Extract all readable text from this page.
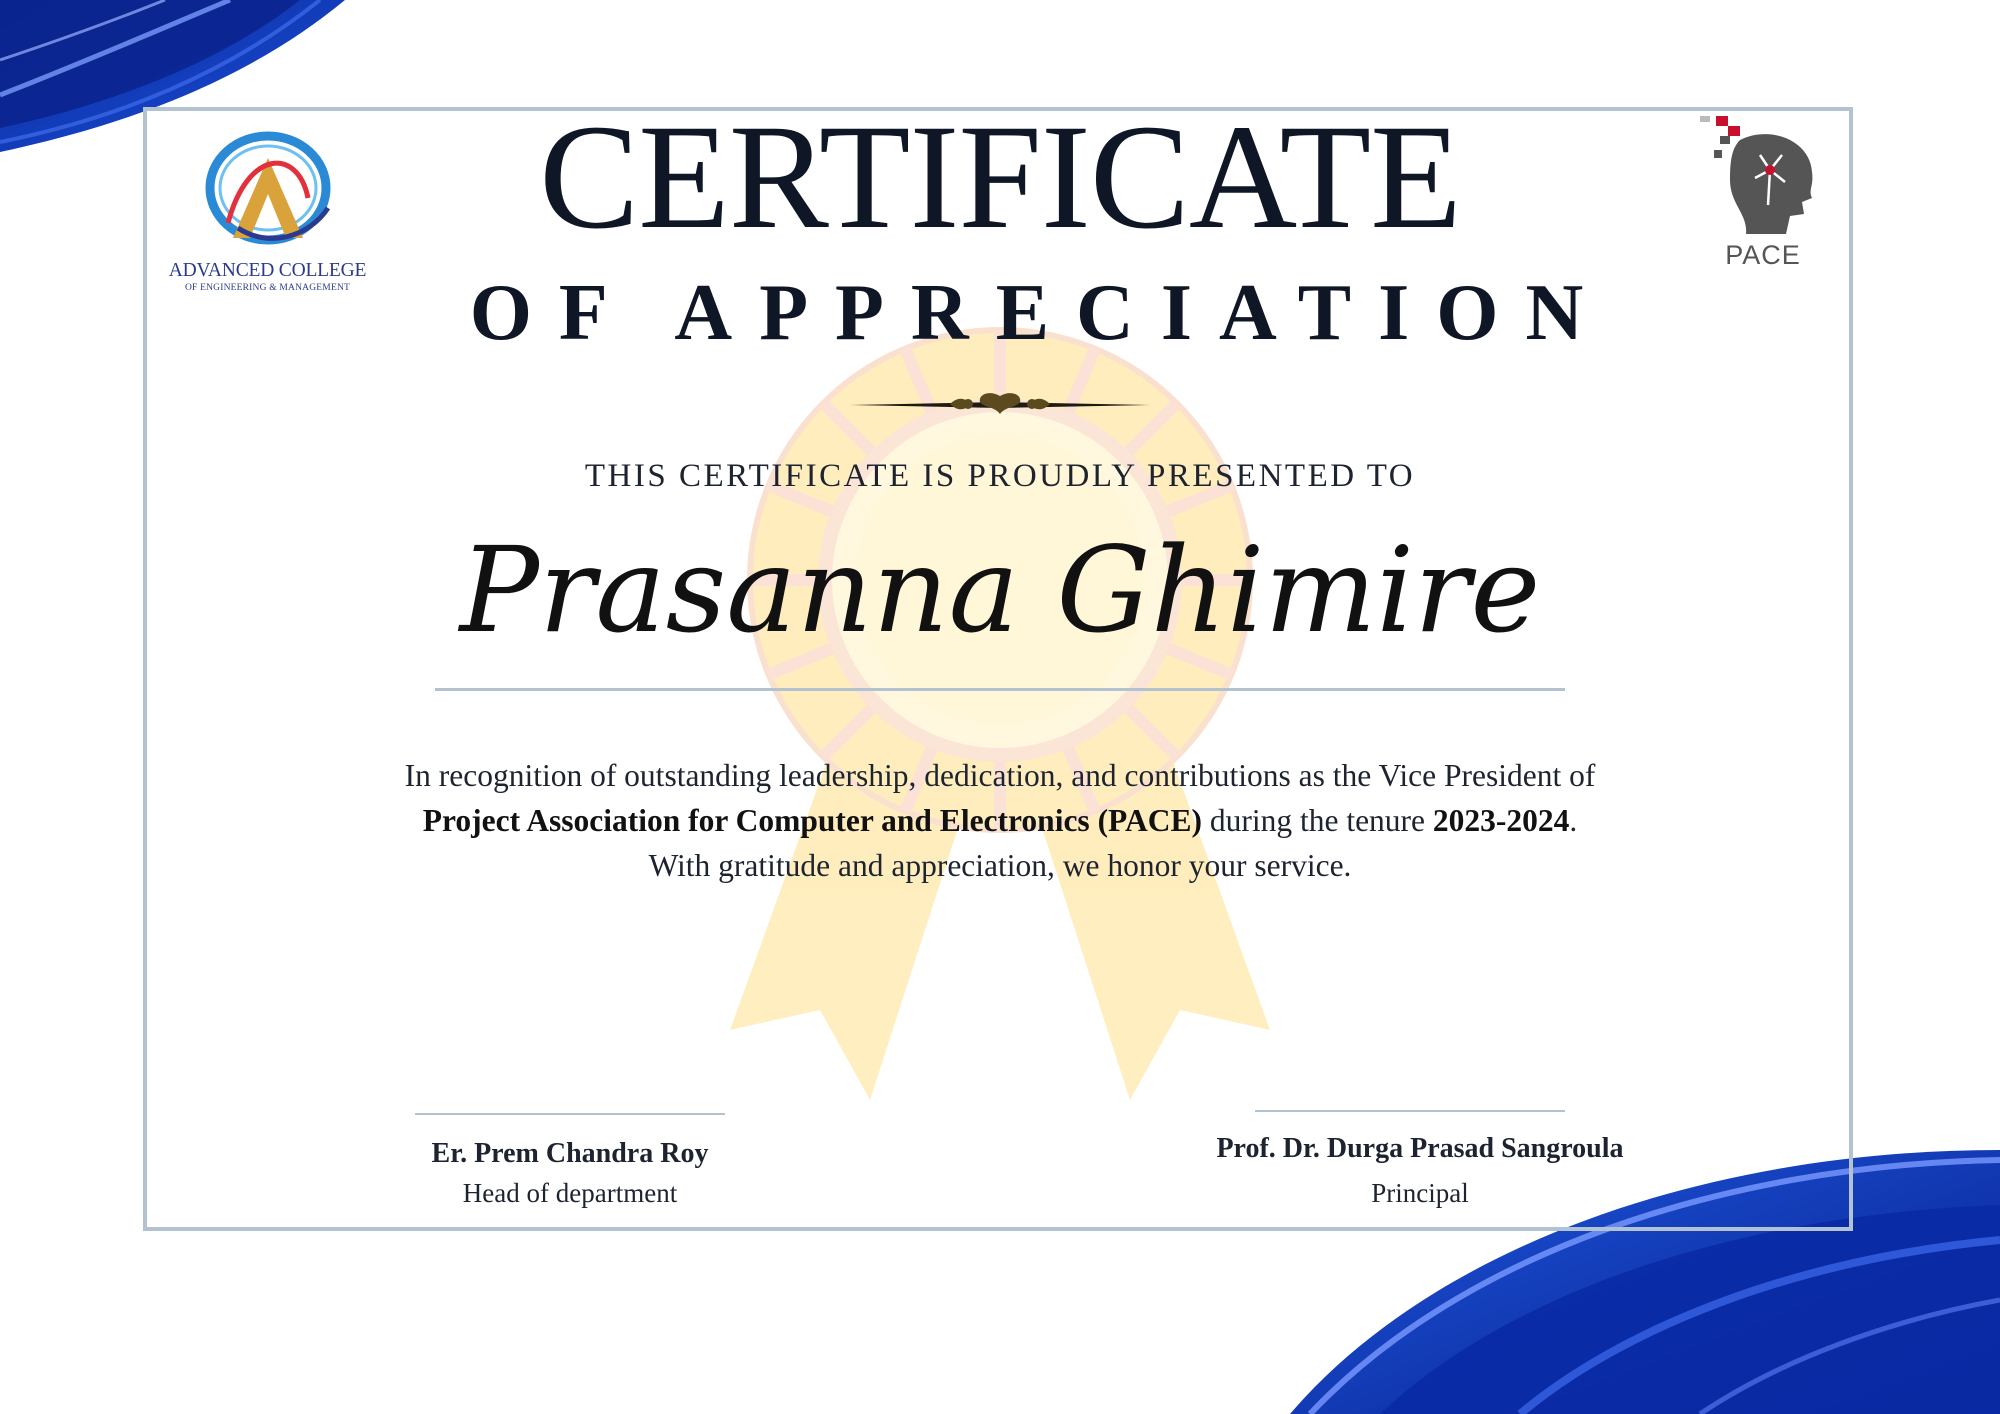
ADVANCED COLLEGE
OF ENGINEERING & MANAGEMENT
PACE
CERTIFICATE
OF APPRECIATION
THIS CERTIFICATE IS PROUDLY PRESENTED TO
Prasanna Ghimire
In recognition of outstanding leadership, dedication, and contributions as the Vice President of
Project Association for Computer and Electronics (PACE) during the tenure 2023-2024.
With gratitude and appreciation, we honor your service.
Er. Prem Chandra Roy
Head of department
Prof. Dr. Durga Prasad Sangroula
Principal
